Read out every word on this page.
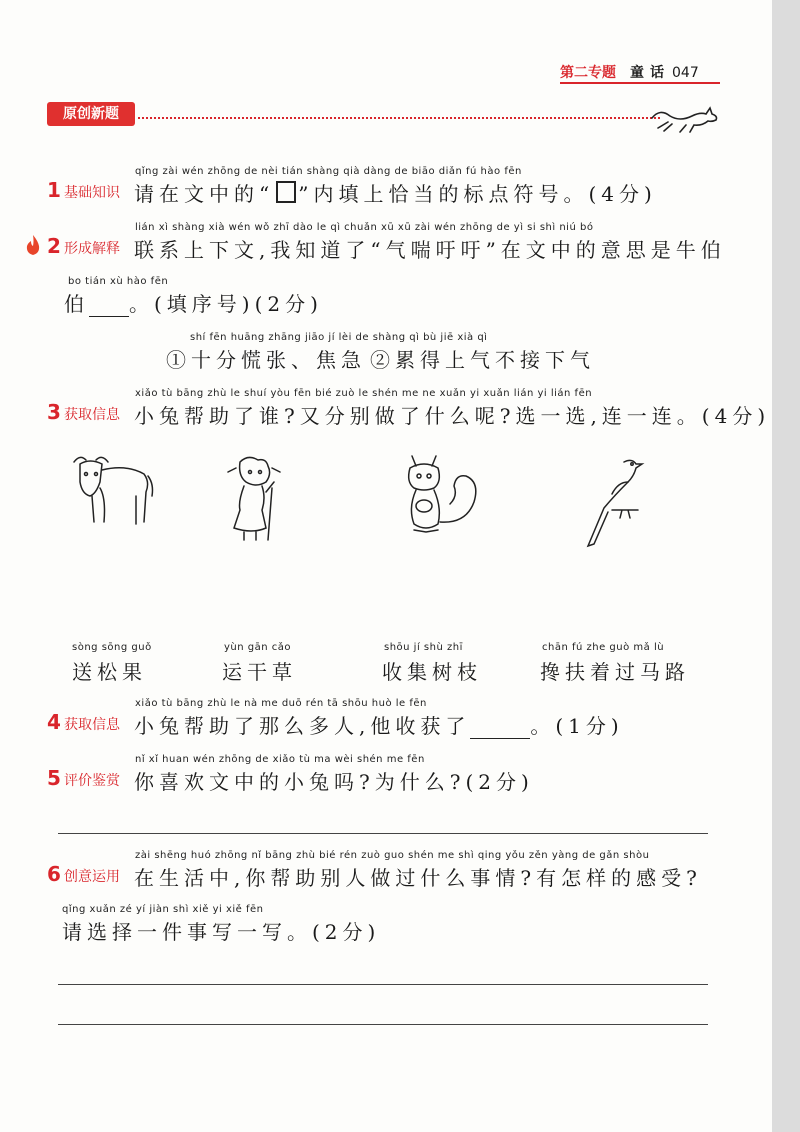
第二专题 童话 047
原创新题
qǐng zài wén zhōng de nèi tián shàng qià dàng de biāo diǎn fú hào fēn
1 基础知识 请在文中的“ ”内填上恰当的标点符号。(4分)
lián xì shàng xià wén wǒ zhī dào le qì chuǎn xū xū zài wén zhōng de yì si shì niú bó
2 形成解释 联系上下文,我知道了“气喘吁吁”在文中的意思是牛伯
bo tián xù hào fēn
伯 。(填序号)(2分)
shí fēn huāng zhāng jiāo jí lèi de shàng qì bù jiē xià qì
①十分慌张、焦急 ②累得上气不接下气
xiǎo tù bāng zhù le shuí yòu fēn bié zuò le shén me ne xuǎn yi xuǎn lián yi lián fēn
3 获取信息 小兔帮助了谁?又分别做了什么呢?选一选,连一连。(4分)
sòng sōng guǒ
送松果
yùn gān cǎo
运干草
shōu jí shù zhī
收集树枝
chān fú zhe guò mǎ lù
搀扶着过马路
xiǎo tù bāng zhù le nà me duō rén tā shōu huò le fēn
4 获取信息 小兔帮助了那么多人,他收获了	。(1分)
nǐ xǐ huan wén zhōng de xiǎo tù ma wèi shén me fēn
5 评价鉴赏 你喜欢文中的小兔吗?为什么?(2分)
zài shēng huó zhōng nǐ bāng zhù bié rén zuò guo shén me shì qing yǒu zěn yàng de gǎn shòu
6 创意运用 在生活中,你帮助别人做过什么事情?有怎样的感受?
qǐng xuǎn zé yí jiàn shì xiě yi xiě fēn
请选择一件事写一写。(2分)
